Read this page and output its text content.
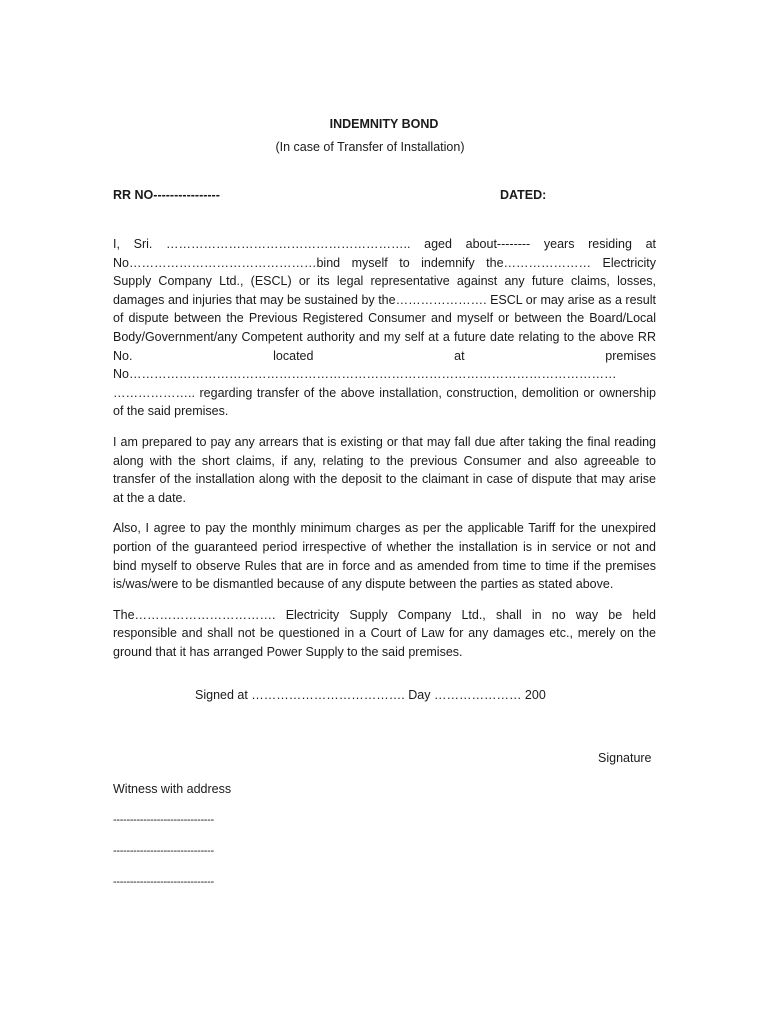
INDEMNITY BOND

(In case of Transfer of Installation)

RR NO----------------	DATED:

I, Sri. ………………………………………………….. aged about-------- years residing at No………………………………………bind myself to indemnify the………………… Electricity Supply Company Ltd., (ESCL) or its legal representative against any future claims, losses, damages and injuries that may be sustained by the…………………. ESCL or may arise as a result of dispute between the Previous Registered Consumer and myself or between the Board/Local Body/Government/any Competent authority and my self at a future date relating to the above RR No. located at premises No……………………………………………………………………………………………………… ……………….. regarding transfer of the above installation, construction, demolition or ownership of the said premises.

I am prepared to pay any arrears that is existing or that may fall due after taking the final reading along with the short claims, if any, relating to the previous Consumer and also agreeable to transfer of the installation along with the deposit to the claimant in case of dispute that may arise at the a date.

Also, I agree to pay the monthly minimum charges as per the applicable Tariff for the unexpired portion of the guaranteed period irrespective of whether the installation is in service or not and bind myself to observe Rules that are in force and as amended from time to time if the premises is/was/were to be dismantled because of any dispute between the parties as stated above.

The……………………………. Electricity Supply Company Ltd., shall in no way be held responsible and shall not be questioned in a Court of Law for any damages etc., merely on the ground that it has arranged Power Supply to the said premises.

Signed at ………………………………. Day ………………… 200

Signature

Witness with address

------------------------------

------------------------------

------------------------------
